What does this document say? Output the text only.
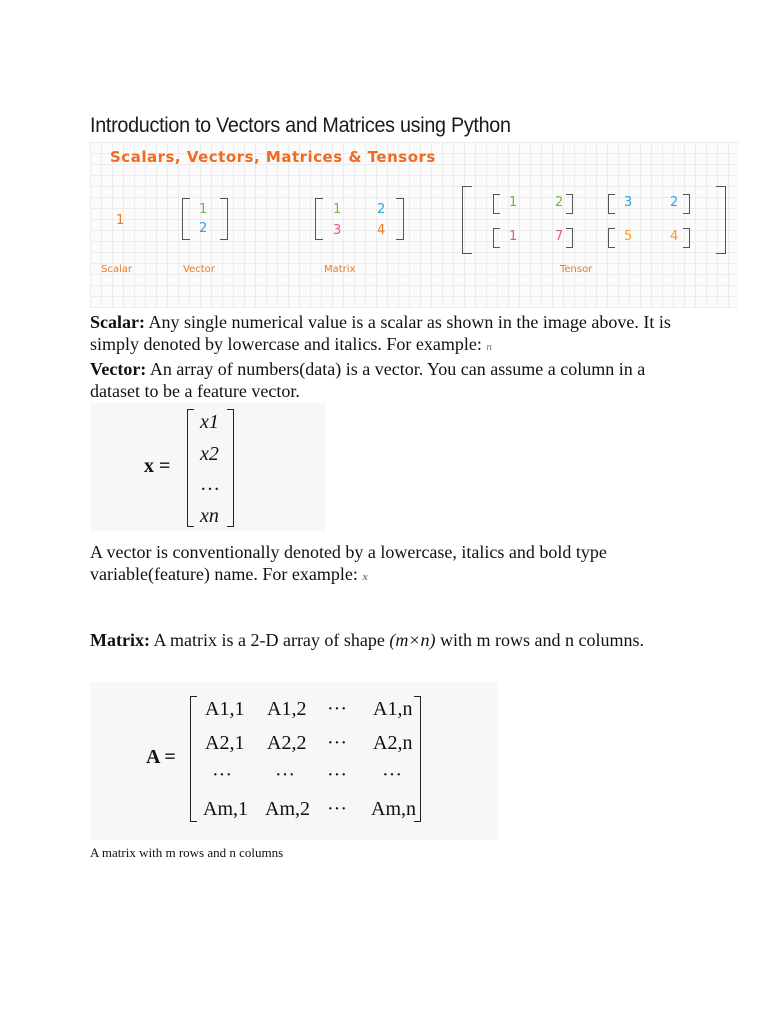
Introduction to Vectors and Matrices using Python
Scalars, Vectors, Matrices & Tensors
1
1
2
1	2
3	4
1	2	3	2
1	7	5	4
Scalar	Vector	Matrix	Tensor

Scalar: Any single numerical value is a scalar as shown in the image above. It is simply denoted by lowercase and italics. For example: n
Vector: An array of numbers(data) is a vector. You can assume a column in a dataset to be a feature vector.

x =
x1
x2
…
xn

A vector is conventionally denoted by a lowercase, italics and bold type variable(feature) name. For example: x

Matrix: A matrix is a 2-D array of shape (m×n) with m rows and n columns.

A =
A1,1 A1,2 ··· A1,n
A2,1 A2,2 ··· A2,n
··· ··· ··· ···
Am,1 Am,2 ··· Am,n
A matrix with m rows and n columns
